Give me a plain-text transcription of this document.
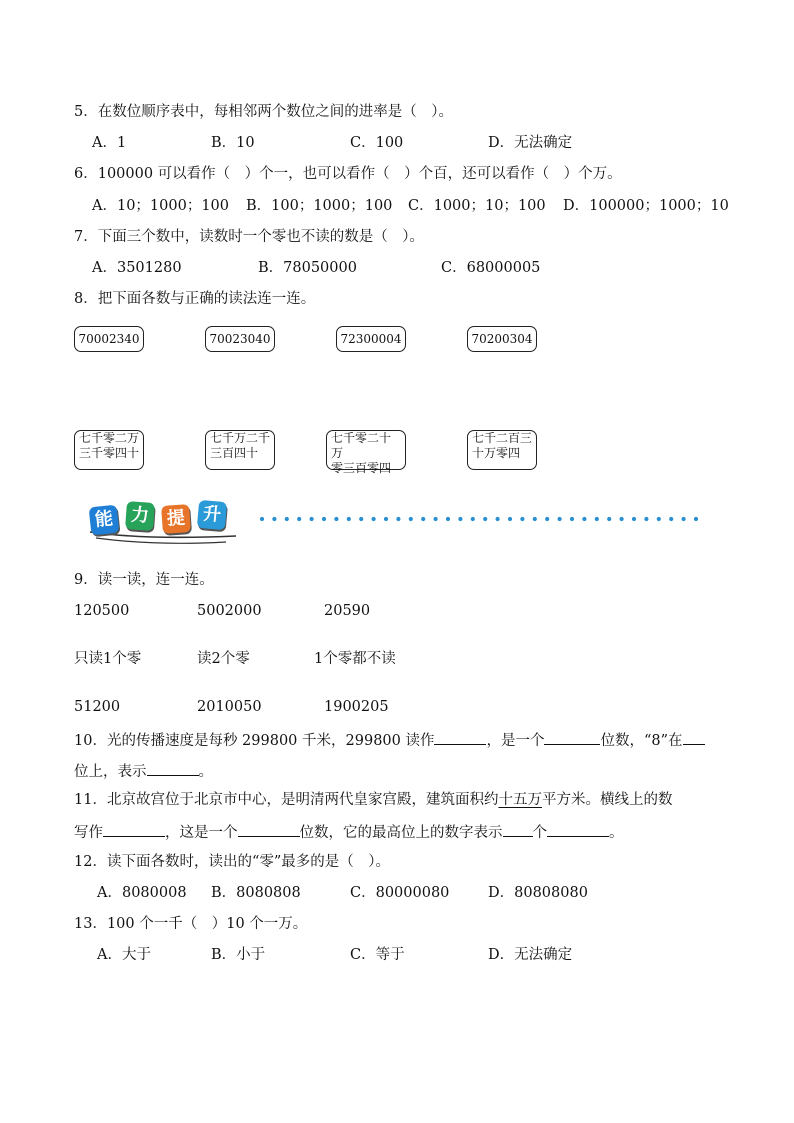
5．在数位顺序表中，每相邻两个数位之间的进率是（　）。
A．1	B．10	C．100	D．无法确定
6．100000 可以看作（　）个一，也可以看作（　）个百，还可以看作（　）个万。
A．10；1000；100 B．100；1000；100 C．1000；10；100 D．100000；1000；10
7．下面三个数中，读数时一个零也不读的数是（　）。
A．3501280	B．78050000	C．68000005
8．把下面各数与正确的读法连一连。
70002340	70023040	72300004	70200304
七千零二万
三千零四十
七千万二千
三百四十
七千零二十万
零三百零四
七千二百三
十万零四
能 力 提 升
9．读一读，连一连。
120500	5002000	20590
只读1个零	读2个零	1个零都不读
51200	2010050	1900205
10．光的传播速度是每秒 299800 千米，299800 读作	，是一个	位数，“8”在
位上，表示	。
11．北京故宫位于北京市中心，是明清两代皇家宫殿，建筑面积约十五万平方米。横线上的数
写作	，这是一个	位数，它的最高位上的数字表示 个	。
12．读下面各数时，读出的“零”最多的是（　）。
A．8080008 B．8080808	C．80000080	D．80808080
13．100 个一千（　）10 个一万。
A．大于	B．小于	C．等于	D．无法确定
